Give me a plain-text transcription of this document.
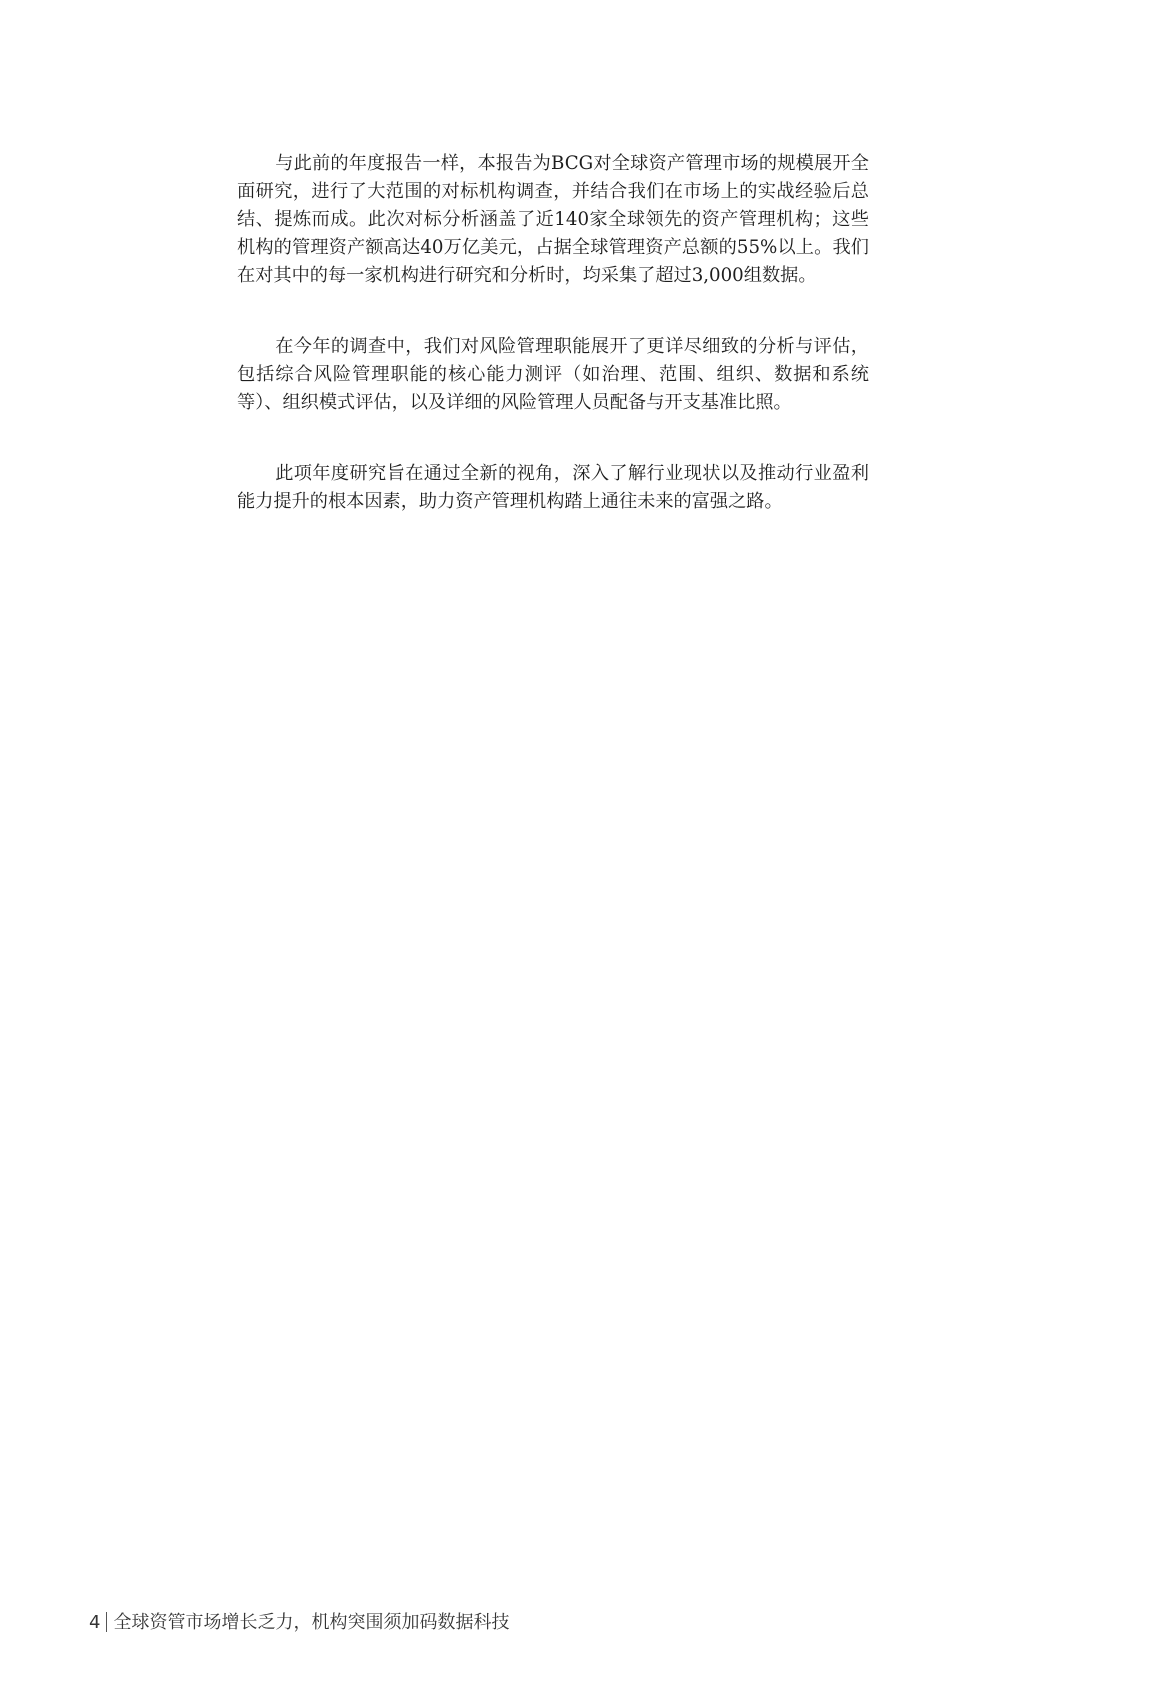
与此前的年度报告一样，本报告为BCG对全球资产管理市场的规模展开全面研究，进行了大范围的对标机构调查，并结合我们在市场上的实战经验后总结、提炼而成。此次对标分析涵盖了近140家全球领先的资产管理机构；这些机构的管理资产额高达40万亿美元，占据全球管理资产总额的55%以上。我们在对其中的每一家机构进行研究和分析时，均采集了超过3,000组数据。

在今年的调查中，我们对风险管理职能展开了更详尽细致的分析与评估，包括综合风险管理职能的核心能力测评（如治理、范围、组织、数据和系统等）、组织模式评估，以及详细的风险管理人员配备与开支基准比照。

此项年度研究旨在通过全新的视角，深入了解行业现状以及推动行业盈利能力提升的根本因素，助力资产管理机构踏上通往未来的富强之路。

4 全球资管市场增长乏力，机构突围须加码数据科技
